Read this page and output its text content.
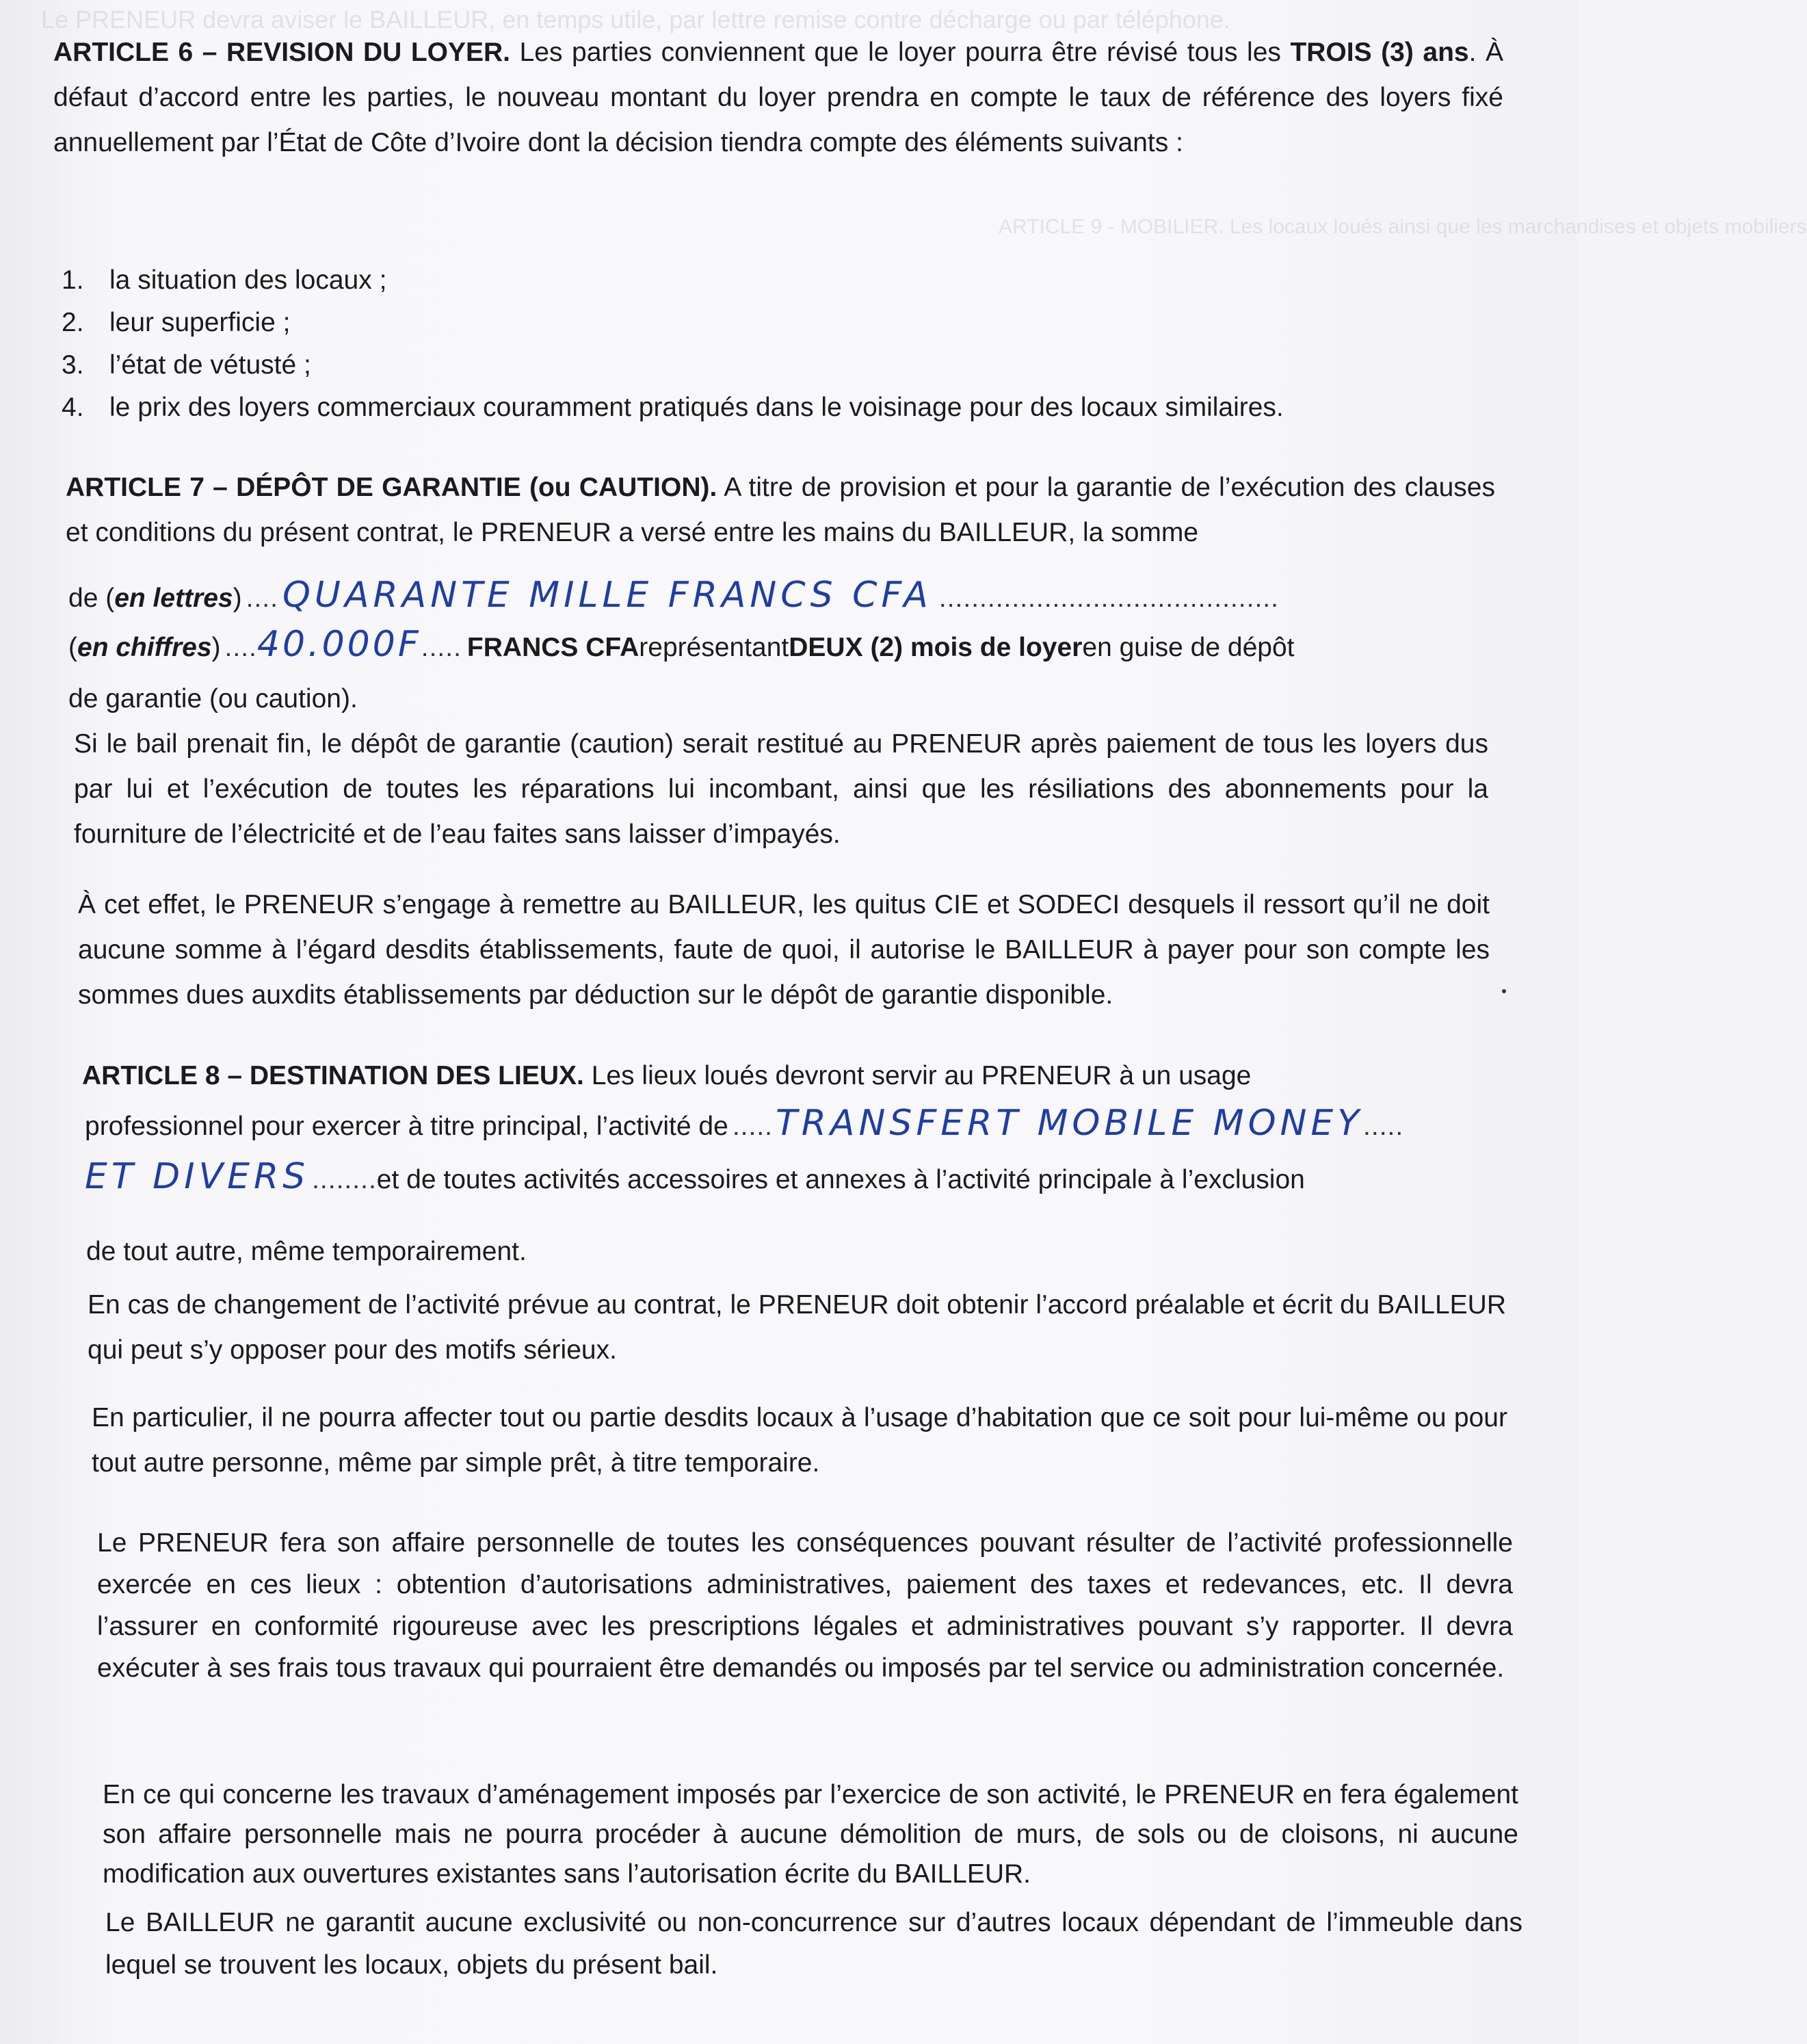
Le PRENEUR devra aviser le BAILLEUR, en temps utile, par lettre remise contre décharge ou par téléphone.
ARTICLE 9 - MOBILIER. Les locaux loués ainsi que les marchandises et objets mobiliers
ARTICLE 6 – REVISION DU LOYER. Les parties conviennent que le loyer pourra être révisé tous les TROIS (3) ans. À défaut d’accord entre les parties, le nouveau montant du loyer prendra en compte le taux de référence des loyers fixé annuellement par l’État de Côte d’Ivoire dont la décision tiendra compte des éléments suivants :
1. la situation des locaux ;
2. leur superficie ;
3. l’état de vétusté ;
4. le prix des loyers commerciaux couramment pratiqués dans le voisinage pour des locaux similaires.
ARTICLE 7 – DÉPÔT DE GARANTIE (ou CAUTION). A titre de provision et pour la garantie de l’exécution des clauses et conditions du présent contrat, le PRENEUR a versé entre les mains du BAILLEUR, la somme
de ( en lettres ) .... QUARANTE MILLE FRANCS CFA ..........................................
( en chiffres ) .... 40.000F ..... FRANCS CFA représentant DEUX (2) mois de loyer en guise de dépôt
de garantie (ou caution).
Si le bail prenait fin, le dépôt de garantie (caution) serait restitué au PRENEUR après paiement de tous les loyers dus par lui et l’exécution de toutes les réparations lui incombant, ainsi que les résiliations des abonnements pour la fourniture de l’électricité et de l’eau faites sans laisser d’impayés.
À cet effet, le PRENEUR s’engage à remettre au BAILLEUR, les quitus CIE et SODECI desquels il ressort qu’il ne doit aucune somme à l’égard desdits établissements, faute de quoi, il autorise le BAILLEUR à payer pour son compte les sommes dues auxdits établissements par déduction sur le dépôt de garantie disponible.
ARTICLE 8 – DESTINATION DES LIEUX. Les lieux loués devront servir au PRENEUR à un usage
professionnel pour exercer à titre principal, l’activité de ..... TRANSFERT MOBILE MONEY .....
ET DIVERS ........ et de toutes activités accessoires et annexes à l’activité principale à l’exclusion
de tout autre, même temporairement.
En cas de changement de l’activité prévue au contrat, le PRENEUR doit obtenir l’accord préalable et écrit du BAILLEUR qui peut s’y opposer pour des motifs sérieux.
En particulier, il ne pourra affecter tout ou partie desdits locaux à l’usage d’habitation que ce soit pour lui-même ou pour tout autre personne, même par simple prêt, à titre temporaire.
Le PRENEUR fera son affaire personnelle de toutes les conséquences pouvant résulter de l’activité professionnelle exercée en ces lieux : obtention d’autorisations administratives, paiement des taxes et redevances, etc. Il devra l’assurer en conformité rigoureuse avec les prescriptions légales et administratives pouvant s’y rapporter. Il devra exécuter à ses frais tous travaux qui pourraient être demandés ou imposés par tel service ou administration concernée.
En ce qui concerne les travaux d’aménagement imposés par l’exercice de son activité, le PRENEUR en fera également son affaire personnelle mais ne pourra procéder à aucune démolition de murs, de sols ou de cloisons, ni aucune modification aux ouvertures existantes sans l’autorisation écrite du BAILLEUR.
Le BAILLEUR ne garantit aucune exclusivité ou non-concurrence sur d’autres locaux dépendant de l’immeuble dans lequel se trouvent les locaux, objets du présent bail.
